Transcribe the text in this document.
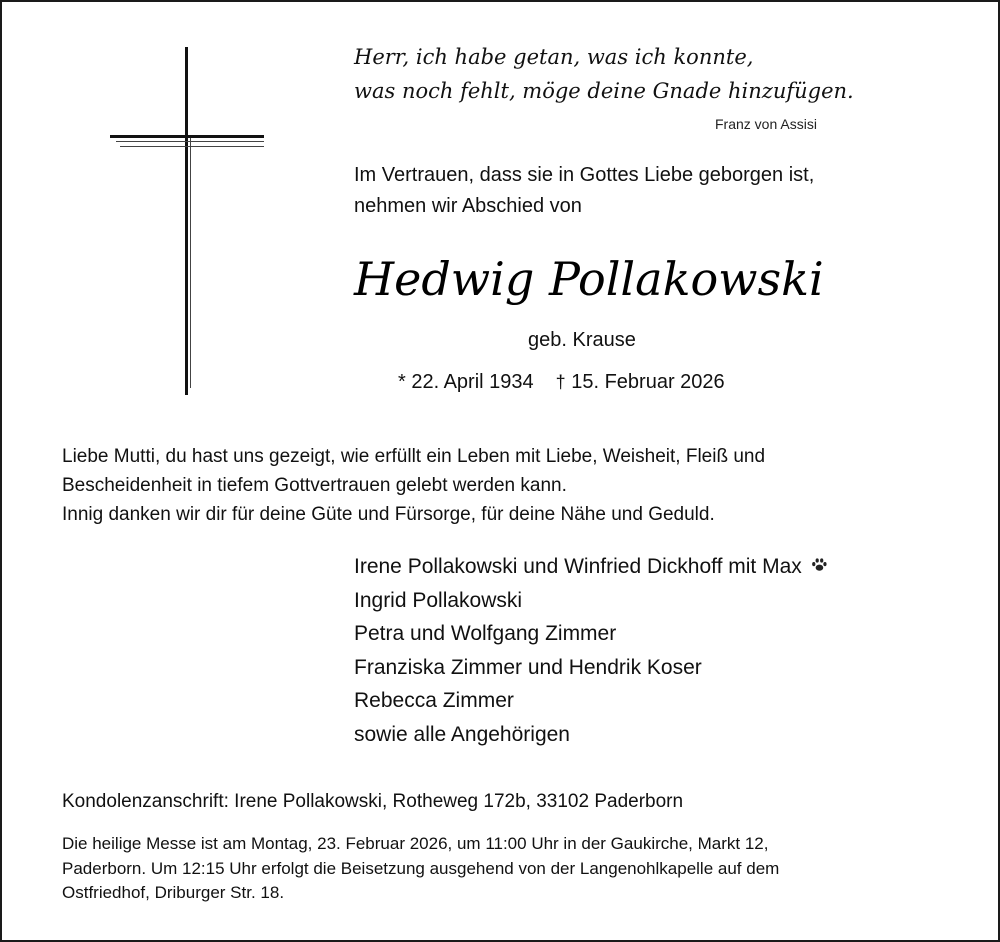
Herr, ich habe getan, was ich konnte,
was noch fehlt, möge deine Gnade hinzufügen.
Franz von Assisi
Im Vertrauen, dass sie in Gottes Liebe geborgen ist,
nehmen wir Abschied von
Hedwig Pollakowski
geb. Krause
* 22. April 1934 † 15. Februar 2026
Liebe Mutti, du hast uns gezeigt, wie erfüllt ein Leben mit Liebe, Weisheit, Fleiß und
Bescheidenheit in tiefem Gottvertrauen gelebt werden kann.
Innig danken wir dir für deine Güte und Fürsorge, für deine Nähe und Geduld.
Irene Pollakowski und Winfried Dickhoff mit Max
Ingrid Pollakowski
Petra und Wolfgang Zimmer
Franziska Zimmer und Hendrik Koser
Rebecca Zimmer
sowie alle Angehörigen
Kondolenzanschrift: Irene Pollakowski, Rotheweg 172b, 33102 Paderborn
Die heilige Messe ist am Montag, 23. Februar 2026, um 11:00 Uhr in der Gaukirche, Markt 12,
Paderborn. Um 12:15 Uhr erfolgt die Beisetzung ausgehend von der Langenohlkapelle auf dem
Ostfriedhof, Driburger Str. 18.
